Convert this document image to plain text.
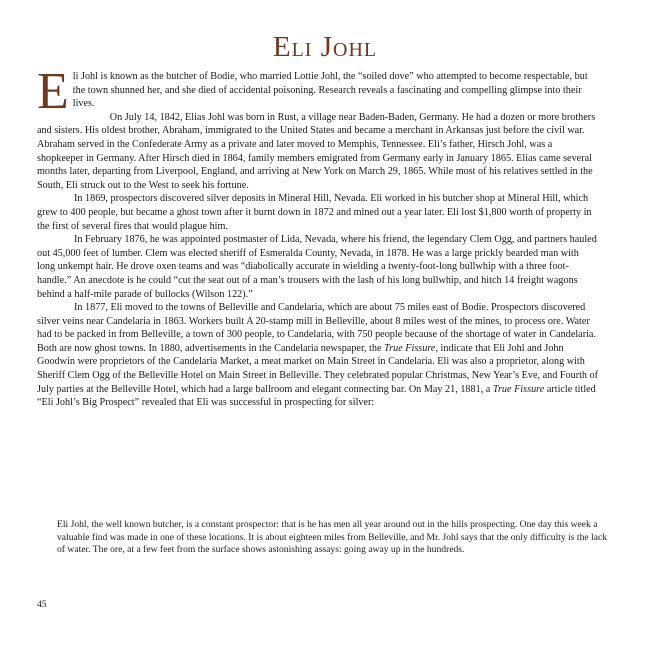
Eli Johl

Eli Johl is known as the butcher of Bodie, who married Lottie Johl, the “soiled dove” who attempted to become respectable, but the town shunned her, and she died of accidental poisoning. Research reveals a fascinating and compelling glimpse into their lives.

On July 14, 1842, Elias Johl was born in Rust, a village near Baden-Baden, Germany. He had a dozen or more brothers and sisters. His oldest brother, Abraham, immigrated to the United States and became a merchant in Arkansas just before the civil war. Abraham served in the Confederate Army as a private and later moved to Memphis, Tennessee. Eli’s father, Hirsch Johl, was a shopkeeper in Germany. After Hirsch died in 1864, family members emigrated from Germany early in January 1865. Elias came several months later, departing from Liverpool, England, and arriving at New York on March 29, 1865. While most of his relatives settled in the South, Eli struck out to the West to seek his fortune.

In 1869, prospectors discovered silver deposits in Mineral Hill, Nevada. Eli worked in his butcher shop at Mineral Hill, which grew to 400 people, but became a ghost town after it burnt down in 1872 and mined out a year later. Eli lost $1,800 worth of property in the first of several fires that would plague him.

In February 1876, he was appointed postmaster of Lida, Nevada, where his friend, the legendary Clem Ogg, and partners hauled out 45,000 feet of lumber. Clem was elected sheriff of Esmeralda County, Nevada, in 1878. He was a large prickly bearded man with long unkempt hair. He drove oxen teams and was “diabolically accurate in wielding a twenty-foot-long bullwhip with a three foot-handle.” An anecdote is he could “cut the seat out of a man’s trousers with the lash of his long bullwhip, and hitch 14 freight wagons behind a half-mile parade of bullocks (Wilson 122).”

In 1877, Eli moved to the towns of Belleville and Candelaria, which are about 75 miles east of Bodie. Prospectors discovered silver veins near Candelaria in 1863. Workers built A 20-stamp mill in Belleville, about 8 miles west of the mines, to process ore. Water had to be packed in from Belleville, a town of 300 people, to Candelaria, with 750 people because of the shortage of water in Candelaria. Both are now ghost towns. In 1880, advertisements in the Candelaria newspaper, the True Fissure, indicate that Eli Johl and John Goodwin were proprietors of the Candelaria Market, a meat market on Main Street in Candelaria. Eli was also a proprietor, along with Sheriff Clem Ogg of the Belleville Hotel on Main Street in Belleville. They celebrated popular Christmas, New Year’s Eve, and Fourth of July parties at the Belleville Hotel, which had a large ballroom and elegant connecting bar. On May 21, 1881, a True Fissure article titled “Eli Johl’s Big Prospect” revealed that Eli was successful in prospecting for silver:

Eli Johl, the well known butcher, is a constant prospector: that is he has men all year around out in the hills prospecting. One day this week a valuable find was made in one of these locations. It is about eighteen miles from Belleville, and Mr. Johl says that the only difficulty is the lack of water. The ore, at a few feet from the surface shows astonishing assays: going away up in the hundreds.

45
